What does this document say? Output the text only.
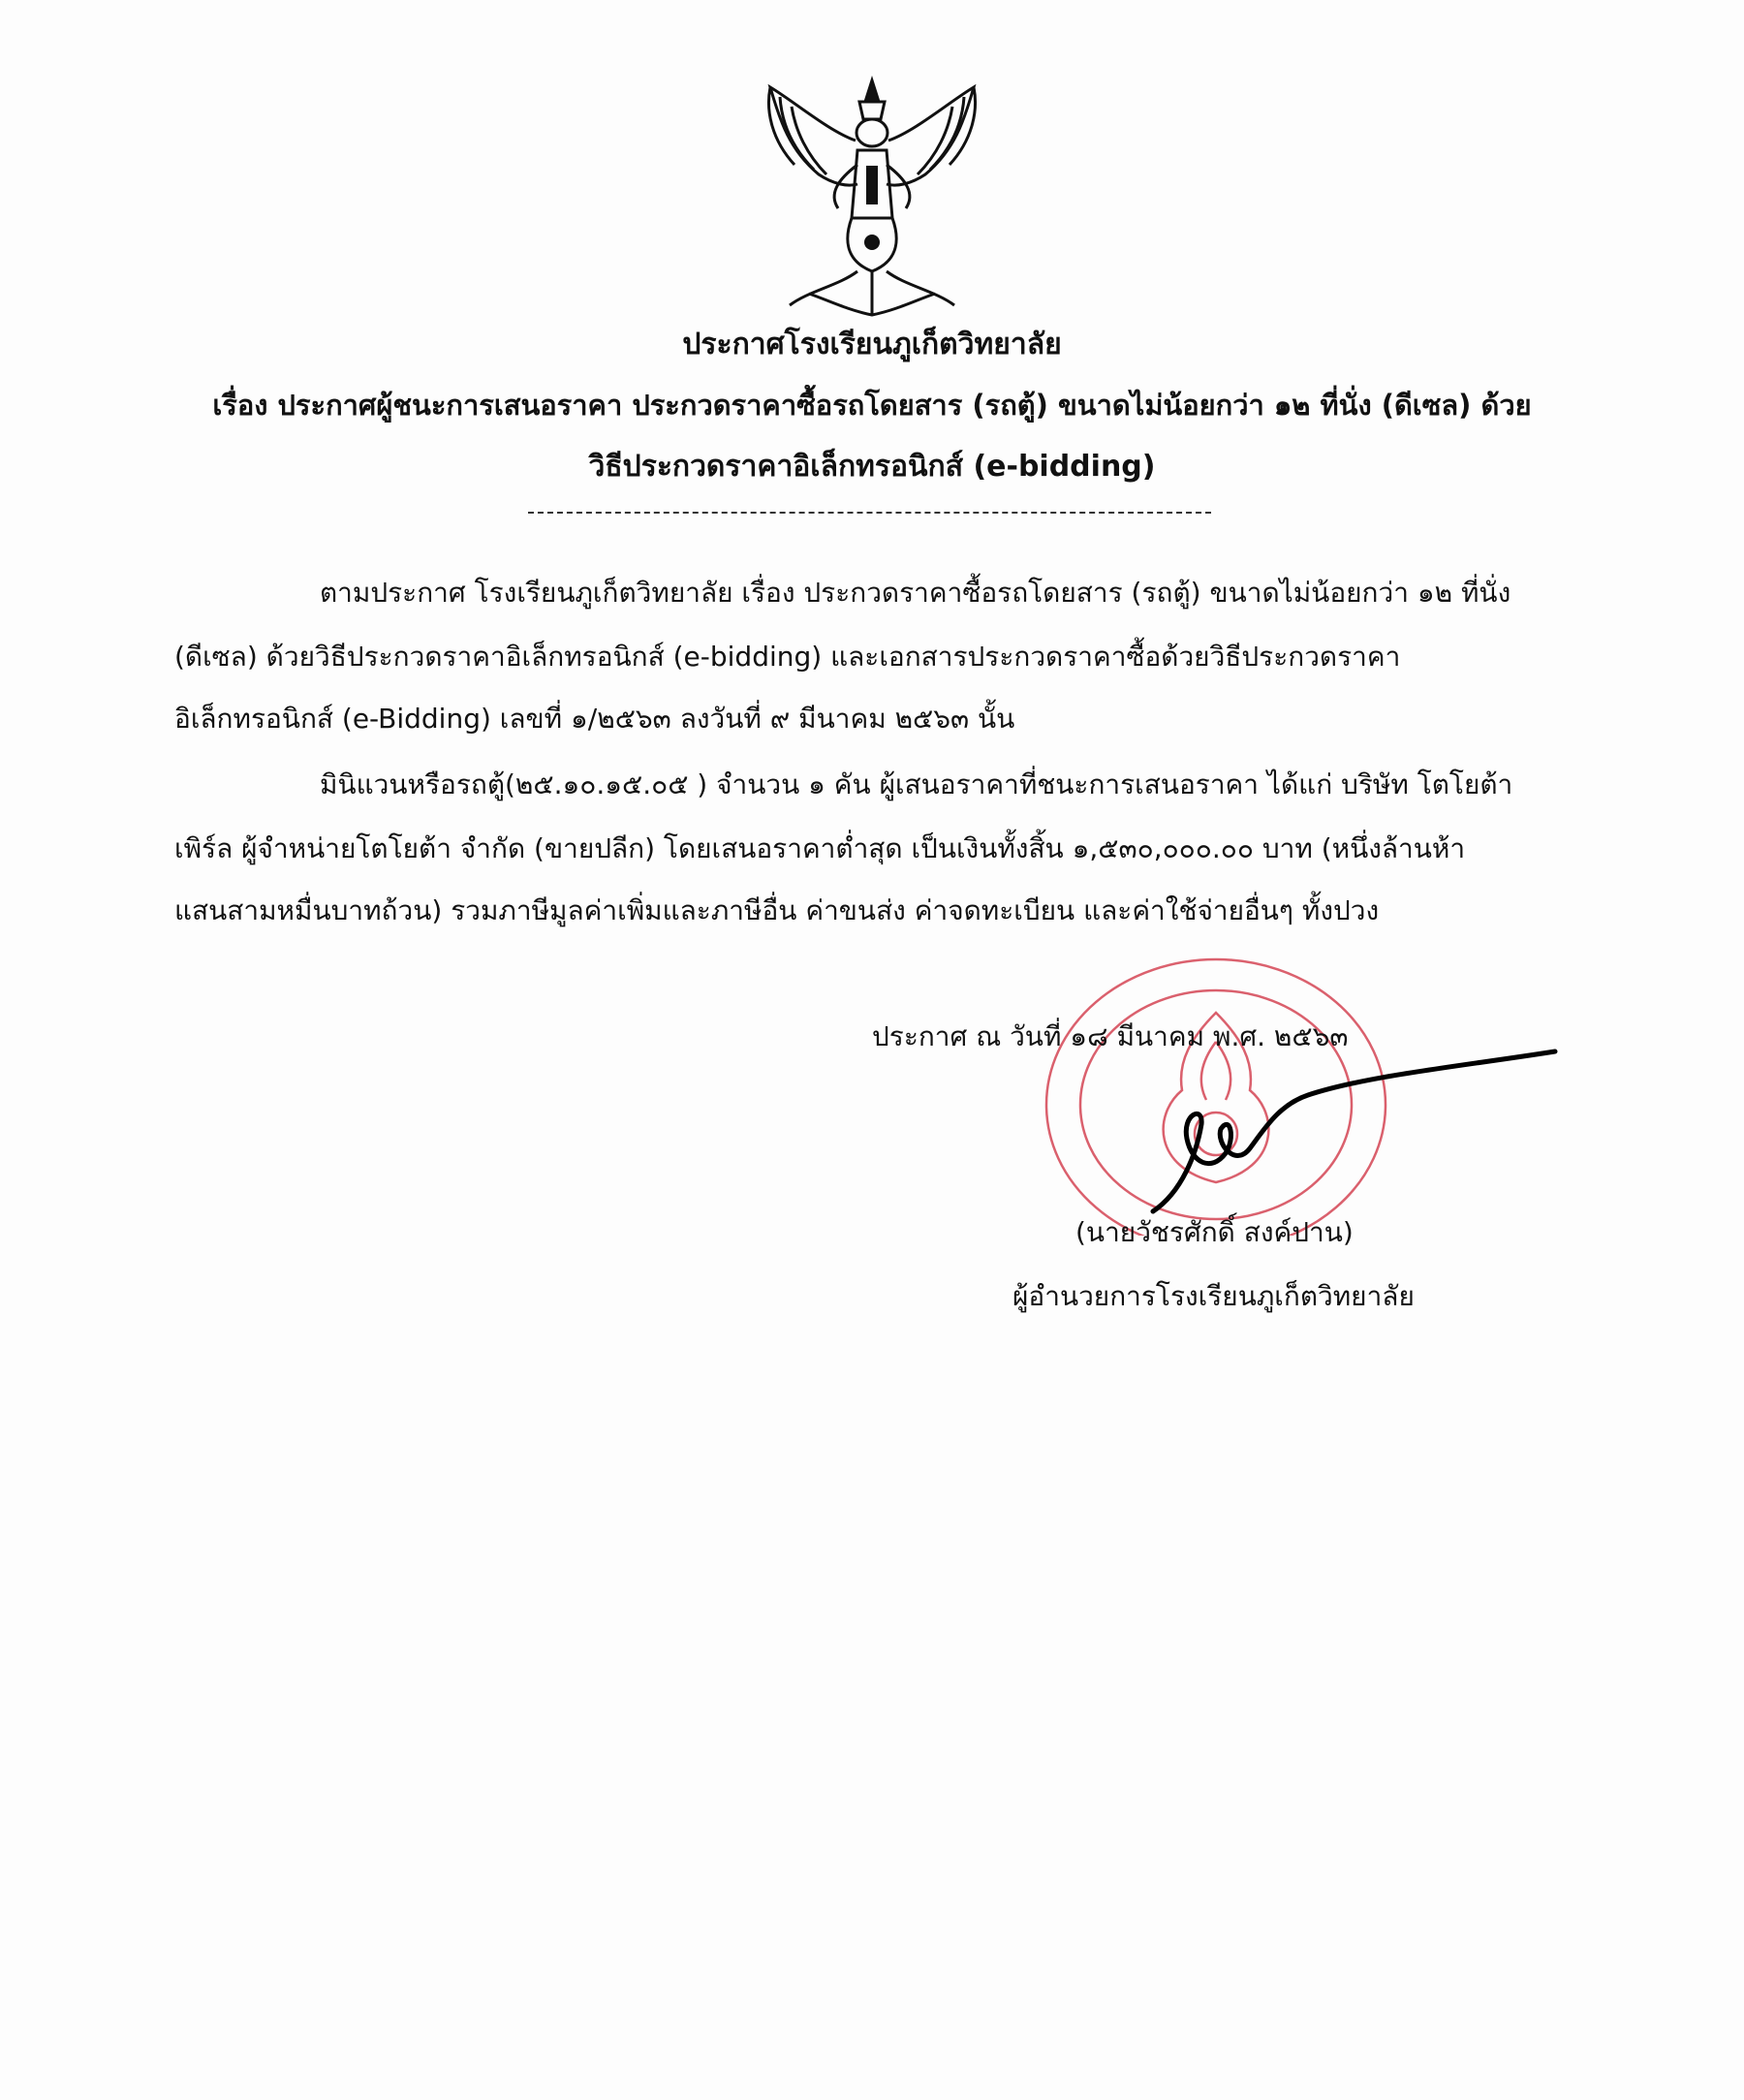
ประกาศโรงเรียนภูเก็ตวิทยาลัย
เรื่อง ประกาศผู้ชนะการเสนอราคา ประกวดราคาซื้อรถโดยสาร (รถตู้) ขนาดไม่น้อยกว่า ๑๒ ที่นั่ง (ดีเซล) ด้วย
วิธีประกวดราคาอิเล็กทรอนิกส์ (e-bidding)
ตามประกาศ โรงเรียนภูเก็ตวิทยาลัย เรื่อง ประกวดราคาซื้อรถโดยสาร (รถตู้) ขนาดไม่น้อยกว่า ๑๒ ที่นั่ง
(ดีเซล) ด้วยวิธีประกวดราคาอิเล็กทรอนิกส์ (e-bidding) และเอกสารประกวดราคาซื้อด้วยวิธีประกวดราคา
อิเล็กทรอนิกส์ (e-Bidding) เลขที่ ๑/๒๕๖๓ ลงวันที่ ๙ มีนาคม ๒๕๖๓ นั้น
มินิแวนหรือรถตู้(๒๕.๑๐.๑๕.๐๕ ) จำนวน ๑ คัน ผู้เสนอราคาที่ชนะการเสนอราคา ได้แก่ บริษัท โตโยต้า
เพิร์ล ผู้จำหน่ายโตโยต้า จำกัด (ขายปลีก) โดยเสนอราคาต่ำสุด เป็นเงินทั้งสิ้น ๑,๕๓๐,๐๐๐.๐๐ บาท (หนึ่งล้านห้า
แสนสามหมื่นบาทถ้วน) รวมภาษีมูลค่าเพิ่มและภาษีอื่น ค่าขนส่ง ค่าจดทะเบียน และค่าใช้จ่ายอื่นๆ ทั้งปวง
ประกาศ ณ วันที่ ๑๘ มีนาคม พ.ศ. ๒๕๖๓
(นายวัชรศักดิ์ สงค์ปาน)
ผู้อำนวยการโรงเรียนภูเก็ตวิทยาลัย
